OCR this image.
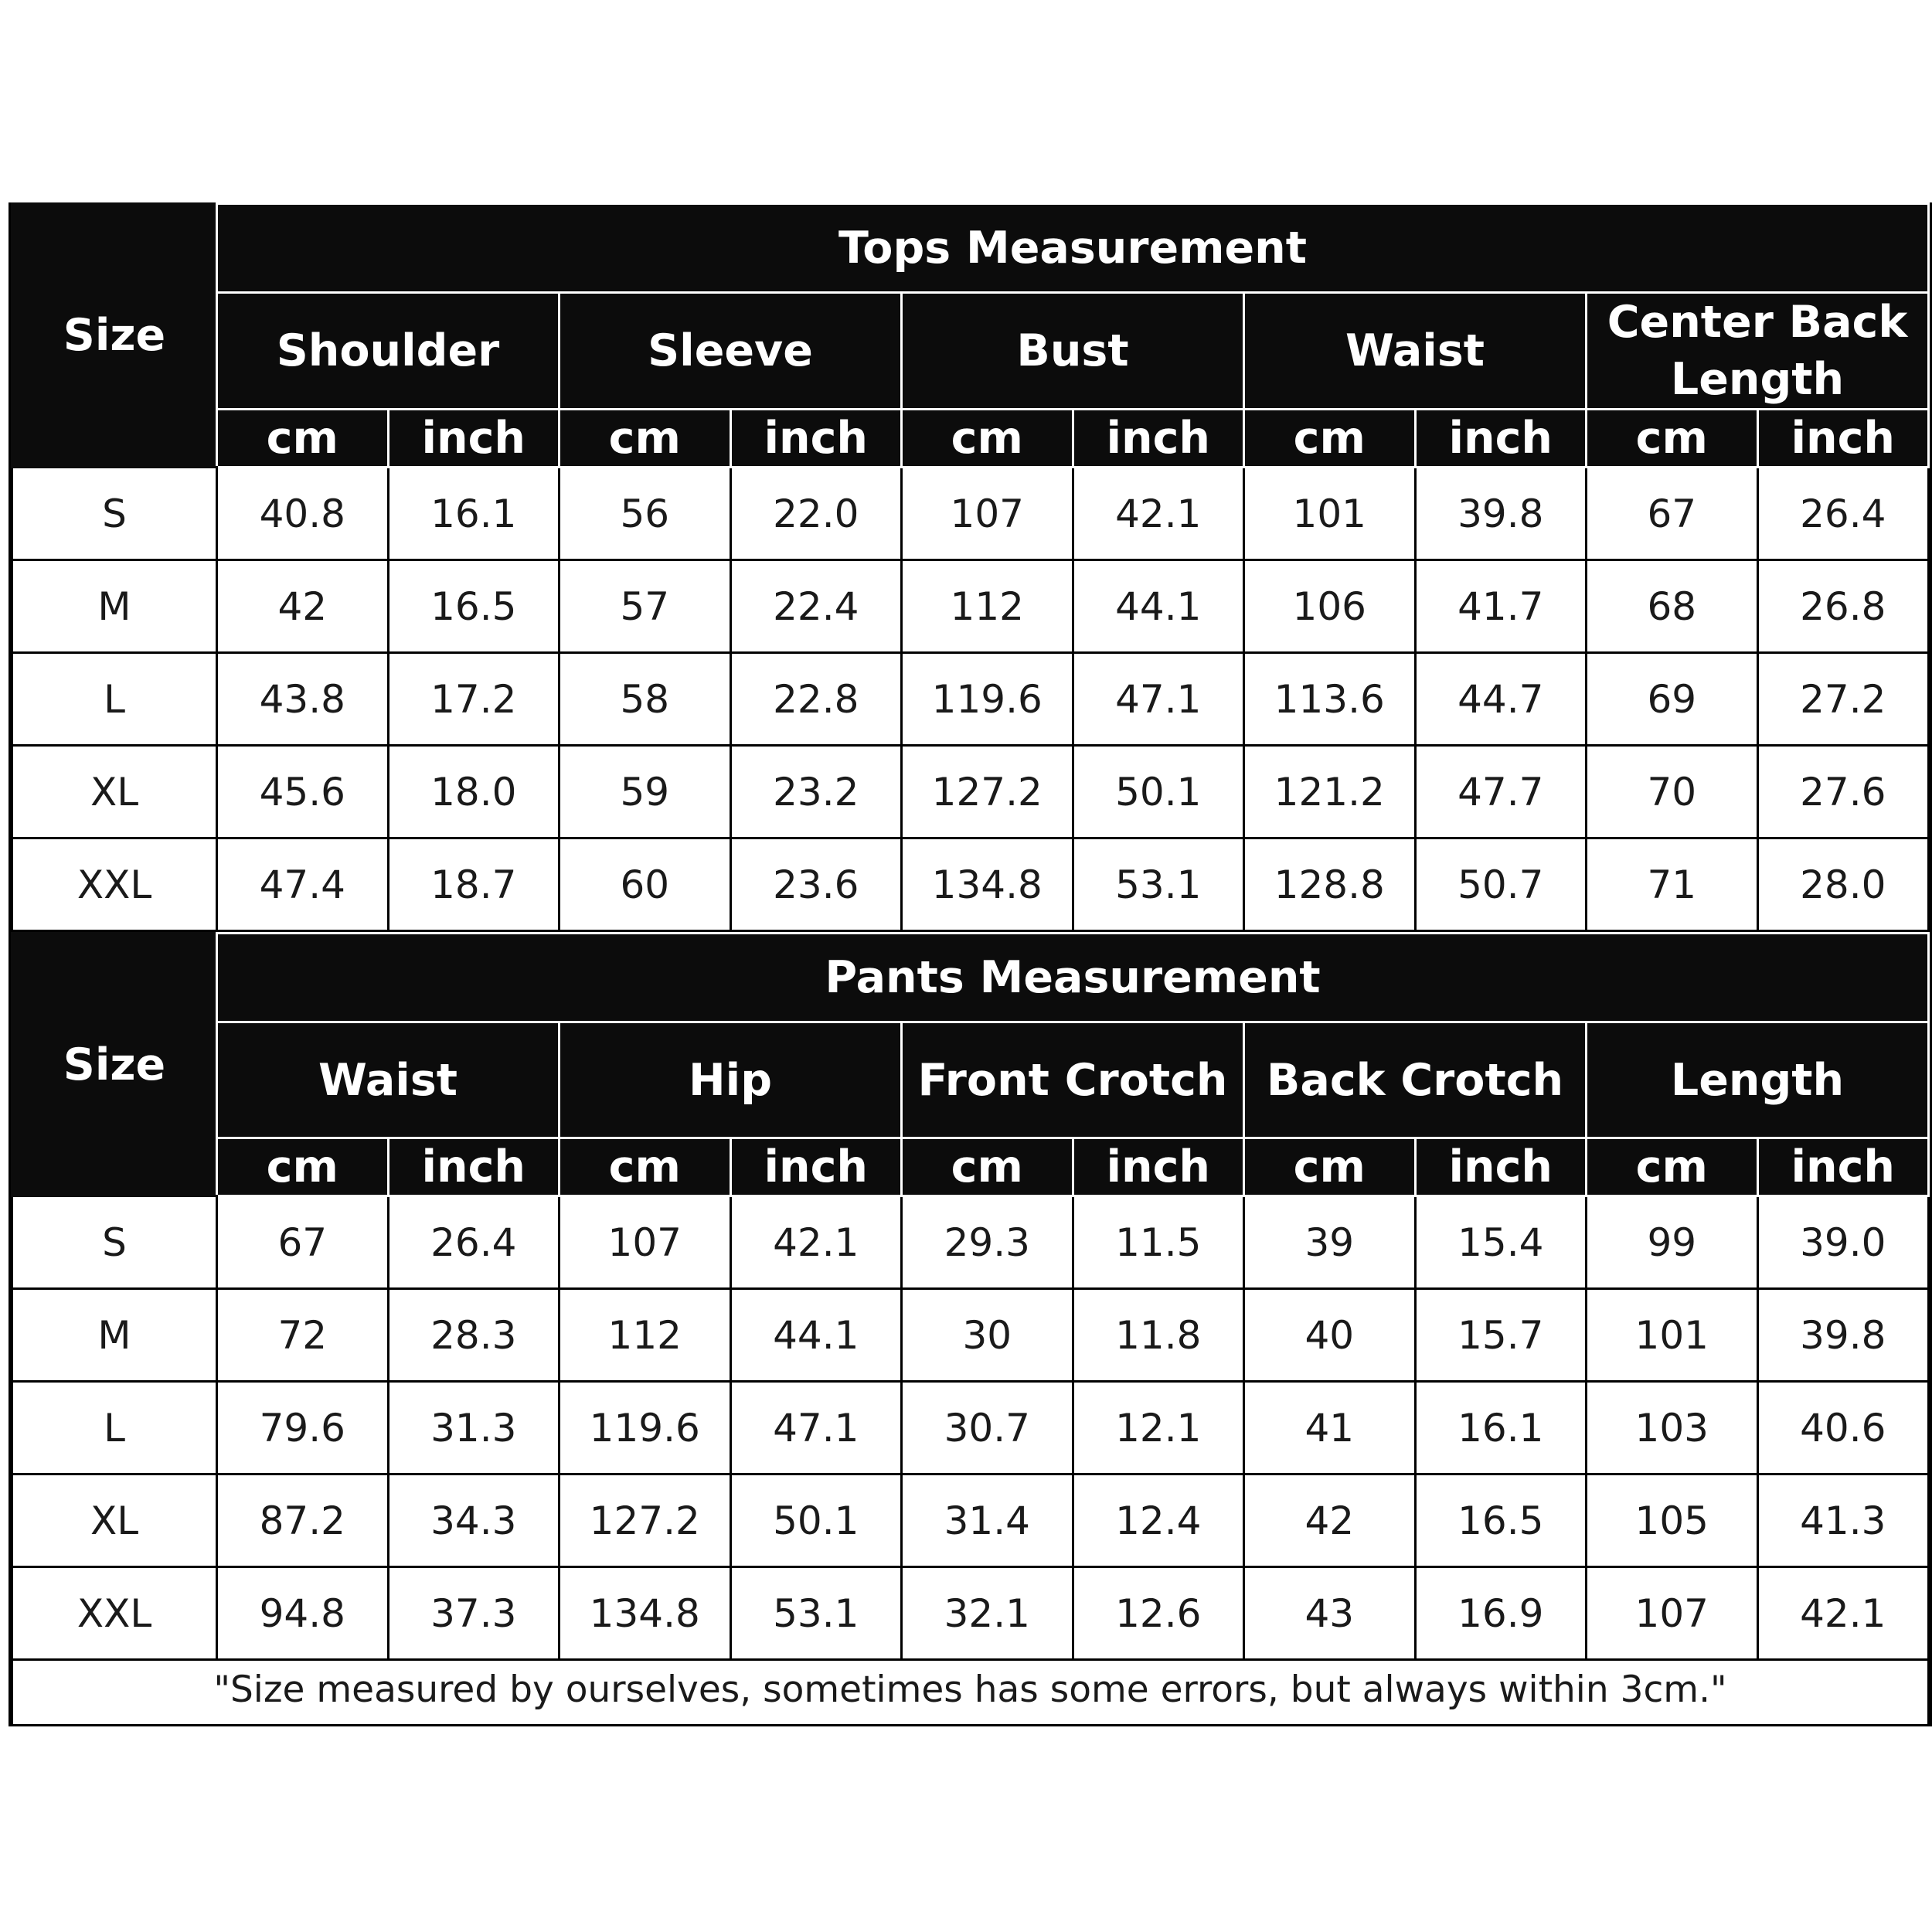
Size	Tops Measurement									
	Shoulder		Sleeve		Bust		Waist		Center Back Length	
	cm	inch	cm	inch	cm	inch	cm	inch	cm	inch
S	40.8	16.1	56	22.0	107	42.1	101	39.8	67	26.4
M	42	16.5	57	22.4	112	44.1	106	41.7	68	26.8
L	43.8	17.2	58	22.8	119.6	47.1	113.6	44.7	69	27.2
XL	45.6	18.0	59	23.2	127.2	50.1	121.2	47.7	70	27.6
XXL	47.4	18.7	60	23.6	134.8	53.1	128.8	50.7	71	28.0
Size	Pants Measurement									
	Waist		Hip		Front Crotch		Back Crotch		Length	
	cm	inch	cm	inch	cm	inch	cm	inch	cm	inch
S	67	26.4	107	42.1	29.3	11.5	39	15.4	99	39.0
M	72	28.3	112	44.1	30	11.8	40	15.7	101	39.8
L	79.6	31.3	119.6	47.1	30.7	12.1	41	16.1	103	40.6
XL	87.2	34.3	127.2	50.1	31.4	12.4	42	16.5	105	41.3
XXL	94.8	37.3	134.8	53.1	32.1	12.6	43	16.9	107	42.1
"Size measured by ourselves, sometimes has some errors, but always within 3cm."
